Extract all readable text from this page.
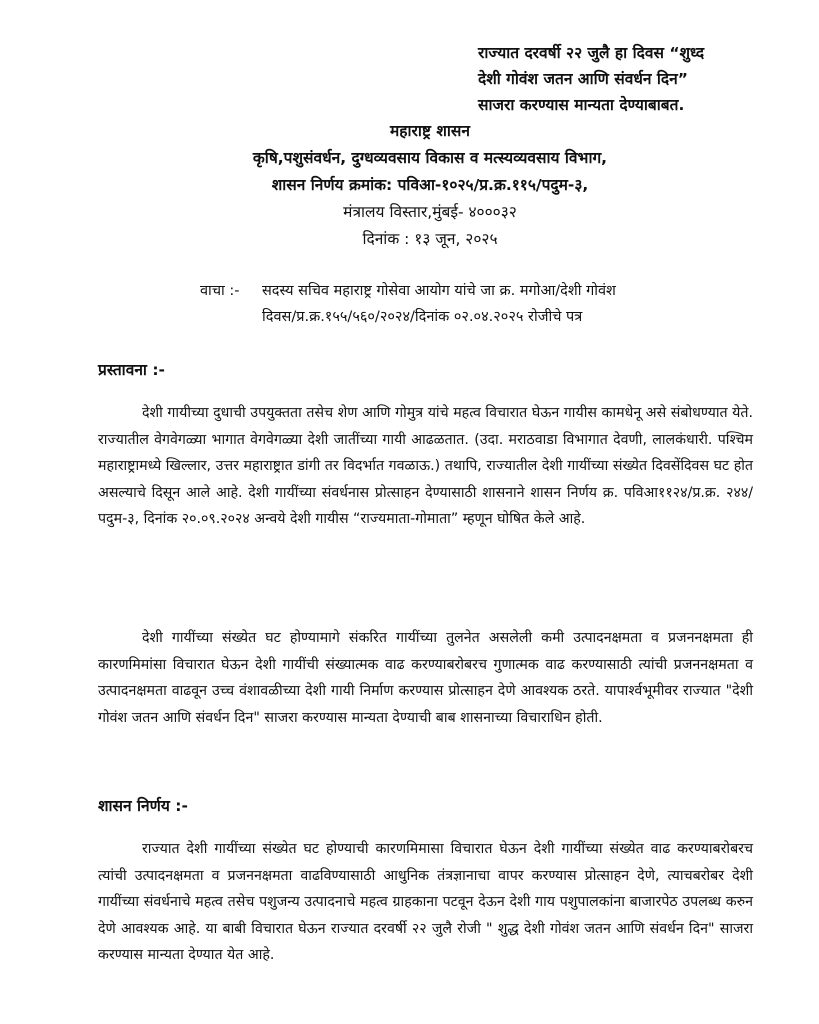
राज्यात दरवर्षी २२ जुलै हा दिवस “शुध्द
देशी गोवंश जतन आणि संवर्धन दिन”
साजरा करण्यास मान्यता देण्याबाबत.
महाराष्ट्र शासन
कृषि,पशुसंवर्धन, दुग्धव्यवसाय विकास व मत्स्यव्यवसाय विभाग,
शासन निर्णय क्रमांक: पविआ-१०२५/प्र.क्र.११५/पदुम-३,
मंत्रालय विस्तार,मुंबई- ४०००३२
दिनांक : १३ जून, २०२५
वाचा :- सदस्य सचिव महाराष्ट्र गोसेवा आयोग यांचे जा क्र. मगोआ/देशी गोवंश
दिवस/प्र.क्र.१५५/५६०/२०२४/दिनांक ०२.०४.२०२५ रोजीचे पत्र
प्रस्तावना :-
देशी गायीच्या दुधाची उपयुक्तता तसेच शेण आणि गोमुत्र यांचे महत्व विचारात घेऊन गायीस कामधेनू असे संबोधण्यात येते. राज्यातील वेगवेगळ्या भागात वेगवेगळ्या देशी जातींच्या गायी आढळतात. (उदा. मराठवाडा विभागात देवणी, लालकंधारी. पश्चिम महाराष्ट्रामध्ये खिल्लार, उत्तर महाराष्ट्रात डांगी तर विदर्भात गवळाऊ.) तथापि, राज्यातील देशी गायींच्या संख्येत दिवसेंदिवस घट होत असल्याचे दिसून आले आहे. देशी गायींच्या संवर्धनास प्रोत्साहन देण्यासाठी शासनाने शासन निर्णय क्र. पविआ११२४/प्र.क्र. २४४/पदुम-३, दिनांक २०.०९.२०२४ अन्वये देशी गायीस “राज्यमाता-गोमाता” म्हणून घोषित केले आहे.
देशी गायींच्या संख्येत घट होण्यामागे संकरित गायींच्या तुलनेत असलेली कमी उत्पादनक्षमता व प्रजननक्षमता ही कारणमिमांसा विचारात घेऊन देशी गायींची संख्यात्मक वाढ करण्याबरोबरच गुणात्मक वाढ करण्यासाठी त्यांची प्रजननक्षमता व उत्पादनक्षमता वाढवून उच्च वंशावळीच्या देशी गायी निर्माण करण्यास प्रोत्साहन देणे आवश्यक ठरते. यापार्श्वभूमीवर राज्यात "देशी गोवंश जतन आणि संवर्धन दिन" साजरा करण्यास मान्यता देण्याची बाब शासनाच्या विचाराधिन होती.
शासन निर्णय :-
राज्यात देशी गायींच्या संख्येत घट होण्याची कारणमिमासा विचारात घेऊन देशी गायींच्या संख्येत वाढ करण्याबरोबरच त्यांची उत्पादनक्षमता व प्रजननक्षमता वाढविण्यासाठी आधुनिक तंत्रज्ञानाचा वापर करण्यास प्रोत्साहन देणे, त्याचबरोबर देशी गायींच्या संवर्धनाचे महत्व तसेच पशुजन्य उत्पादनाचे महत्व ग्राहकाना पटवून देऊन देशी गाय पशुपालकांना बाजारपेठ उपलब्ध करुन देणे आवश्यक आहे. या बाबी विचारात घेऊन राज्यात दरवर्षी २२ जुलै रोजी " शुद्ध देशी गोवंश जतन आणि संवर्धन दिन" साजरा करण्यास मान्यता देण्यात येत आहे.
